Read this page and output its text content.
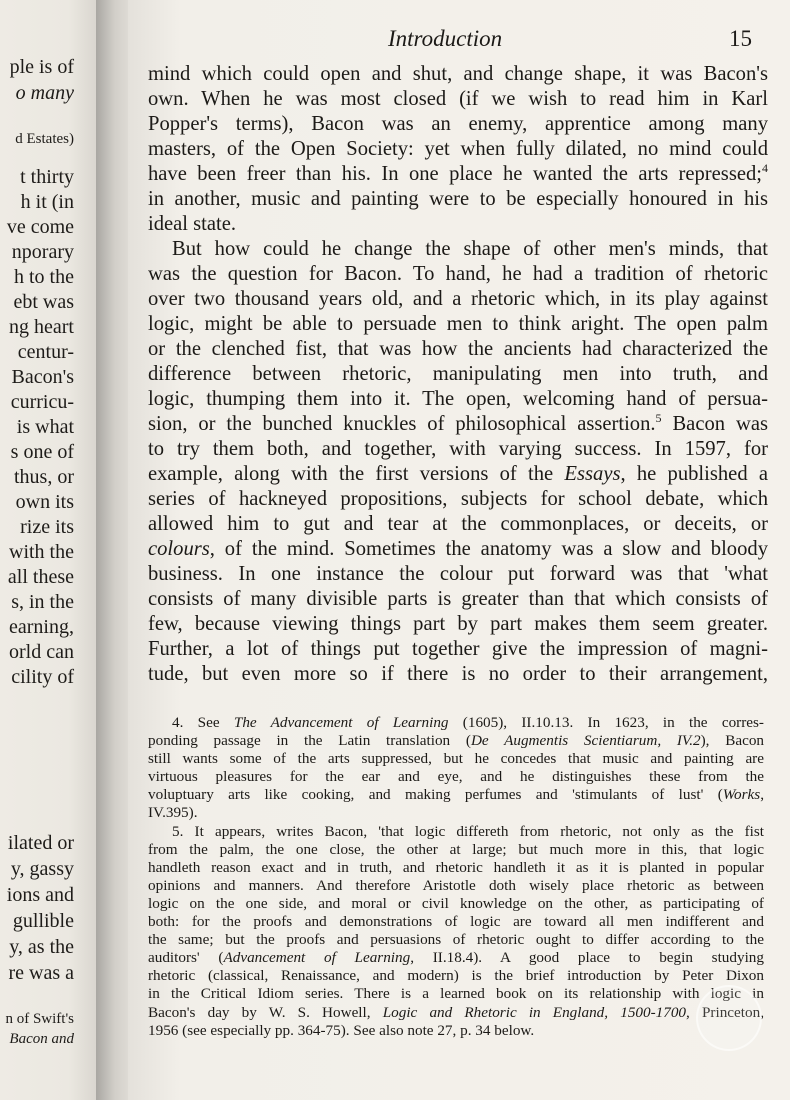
ple is of
o many
d Estates)
t thirty
h it (in
ve come
nporary
h to the
ebt was
ng heart
centur-
Bacon's
curricu-
is what
s one of
thus, or
own its
rize its
with the
all these
s, in the
earning,
orld can
cility of
ilated or
y, gassy
ions and
gullible
y, as the
re was a
n of Swift's
Bacon and
Introduction	15
mind which could open and shut, and change shape, it was Bacon's
own. When he was most closed (if we wish to read him in Karl
Popper's terms), Bacon was an enemy, apprentice among many
masters, of the Open Society: yet when fully dilated, no mind could
have been freer than his. In one place he wanted the arts repressed;$^4$
in another, music and painting were to be especially honoured in his
ideal state.
But how could he change the shape of other men's minds, that
was the question for Bacon. To hand, he had a tradition of rhetoric
over two thousand years old, and a rhetoric which, in its play against
logic, might be able to persuade men to think aright. The open palm
or the clenched fist, that was how the ancients had characterized the
difference between rhetoric, manipulating men into truth, and
logic, thumping them into it. The open, welcoming hand of persua-
sion, or the bunched knuckles of philosophical assertion.$^5$ Bacon was
to try them both, and together, with varying success. In 1597, for
example, along with the first versions of the Essays, he published a
series of hackneyed propositions, subjects for school debate, which
allowed him to gut and tear at the commonplaces, or deceits, or
colours, of the mind. Sometimes the anatomy was a slow and bloody
business. In one instance the colour put forward was that 'what
consists of many divisible parts is greater than that which consists of
few, because viewing things part by part makes them seem greater.
Further, a lot of things put together give the impression of magni-
tude, but even more so if there is no order to their arrangement,
4. See The Advancement of Learning (1605), II.10.13. In 1623, in the corres-
ponding passage in the Latin translation (De Augmentis Scientiarum, IV.2), Bacon
still wants some of the arts suppressed, but he concedes that music and painting are
virtuous pleasures for the ear and eye, and he distinguishes these from the
voluptuary arts like cooking, and making perfumes and 'stimulants of lust' (Works,
IV.395).
5. It appears, writes Bacon, 'that logic differeth from rhetoric, not only as the fist
from the palm, the one close, the other at large; but much more in this, that logic
handleth reason exact and in truth, and rhetoric handleth it as it is planted in popular
opinions and manners. And therefore Aristotle doth wisely place rhetoric as between
logic on the one side, and moral or civil knowledge on the other, as participating of
both: for the proofs and demonstrations of logic are toward all men indifferent and
the same; but the proofs and persuasions of rhetoric ought to differ according to the
auditors' (Advancement of Learning, II.18.4). A good place to begin studying
rhetoric (classical, Renaissance, and modern) is the brief introduction by Peter Dixon
in the Critical Idiom series. There is a learned book on its relationship with logic in
Bacon's day by W. S. Howell, Logic and Rhetoric in England, 1500-1700, Princeton,
1956 (see especially pp. 364-75). See also note 27, p. 34 below.
